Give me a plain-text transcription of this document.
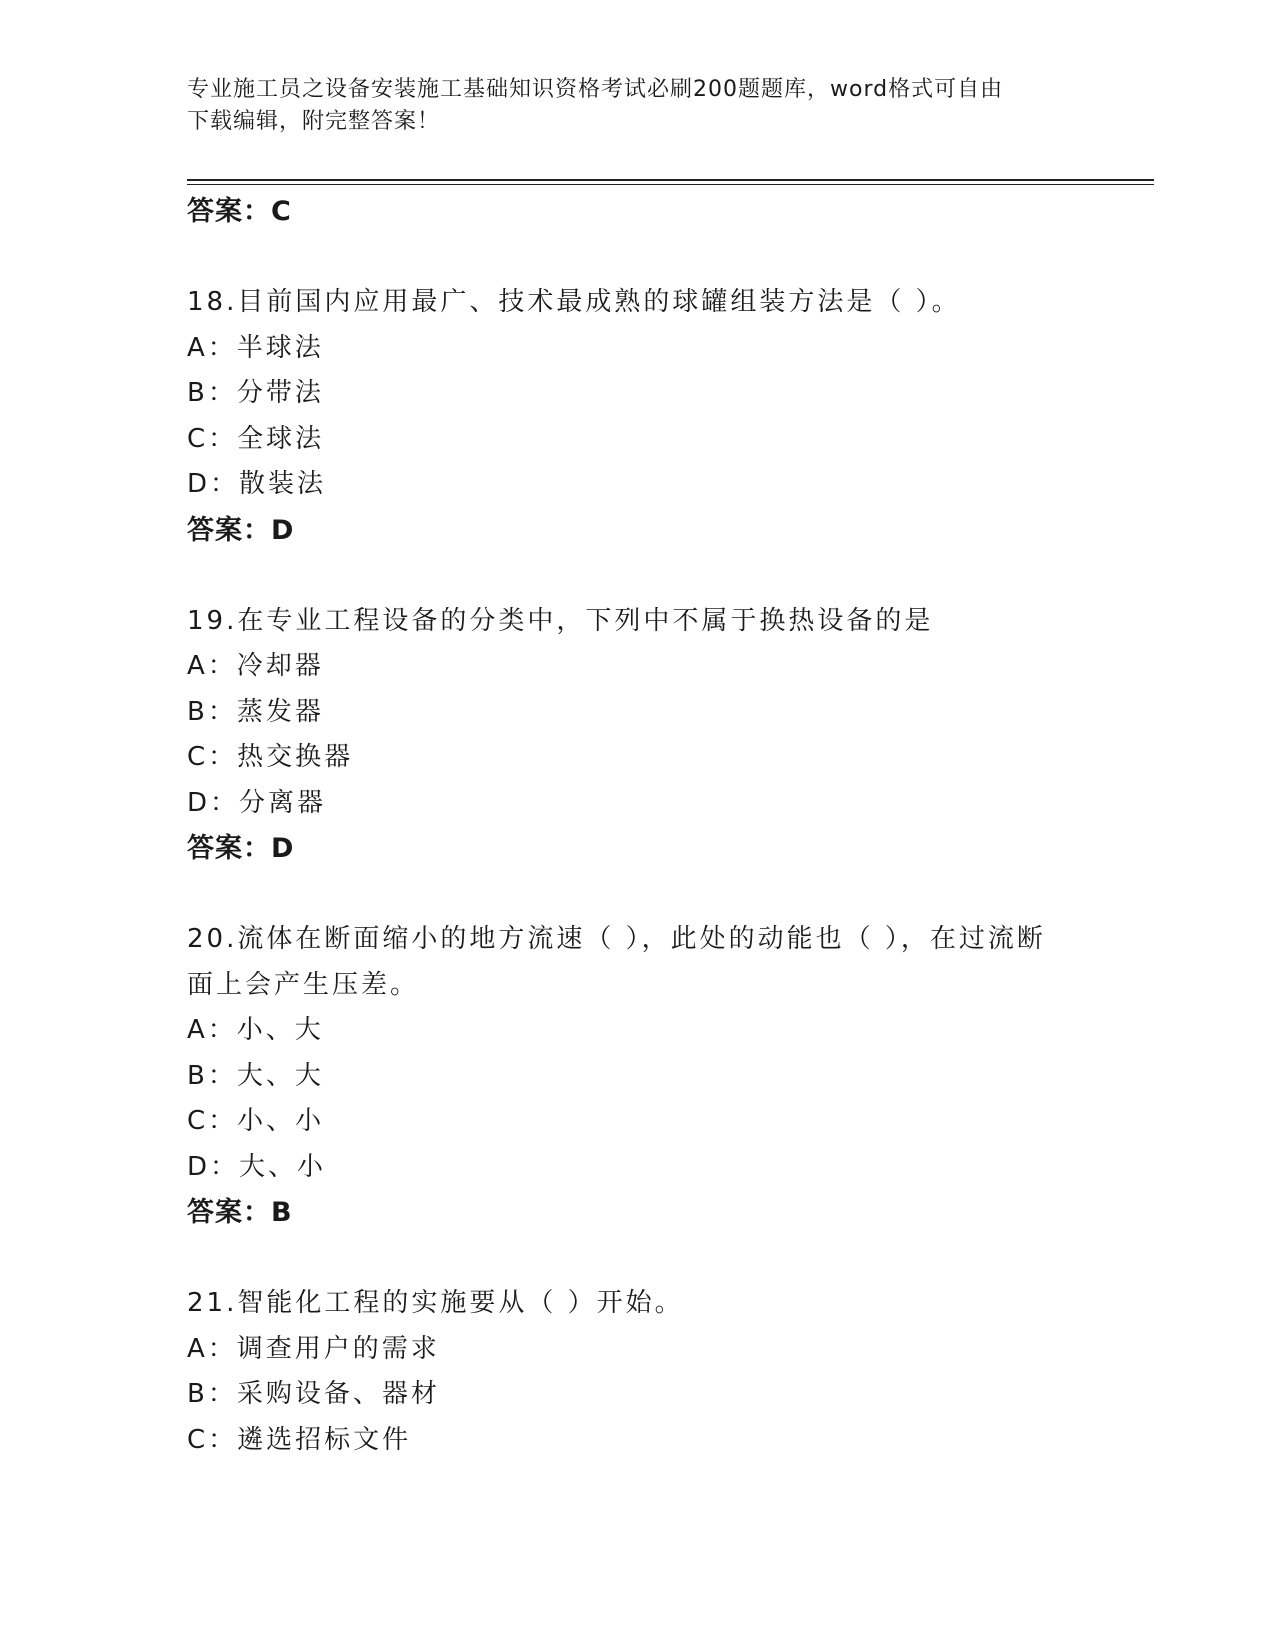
专业施工员之设备安装施工基础知识资格考试必刷200题题库，word格式可自由
下载编辑，附完整答案！
答案：C
18.目前国内应用最广、技术最成熟的球罐组装方法是（ ）。
A：半球法
B：分带法
C：全球法
D：散装法
答案：D
19.在专业工程设备的分类中，下列中不属于换热设备的是
A：冷却器
B：蒸发器
C：热交换器
D：分离器
答案：D
20.流体在断面缩小的地方流速（ ），此处的动能也（ ），在过流断
面上会产生压差。
A：小、大
B：大、大
C：小、小
D：大、小
答案：B
21.智能化工程的实施要从（ ）开始。
A：调查用户的需求
B：采购设备、器材
C：遴选招标文件
